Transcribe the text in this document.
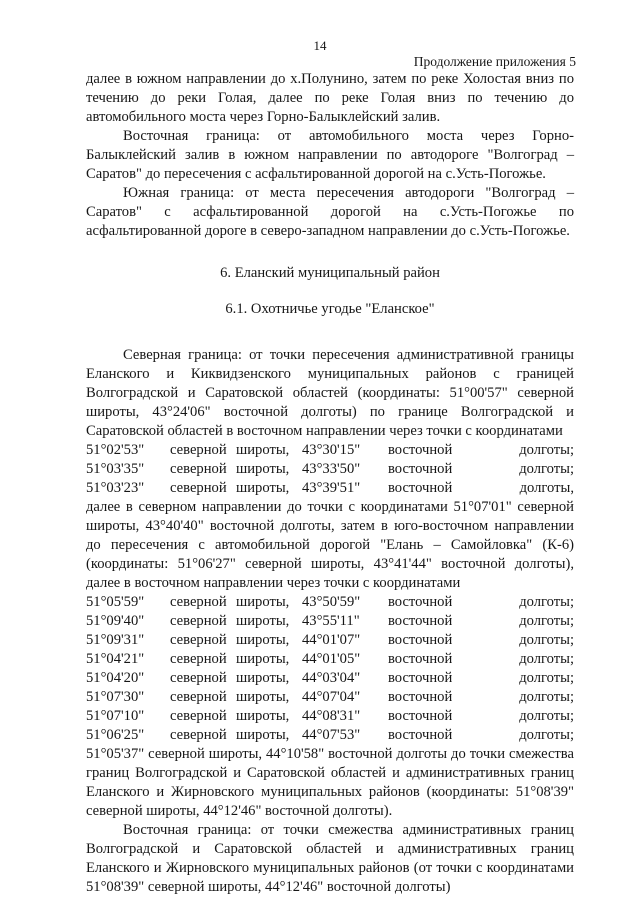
14
Продолжение приложения 5

далее в южном направлении до х.Полунино, затем по реке Холостая вниз по течению до реки Голая, далее по реке Голая вниз по течению до автомобильного моста через Горно-Балыклейский залив.

Восточная граница: от автомобильного моста через Горно-Балыклейский залив в южном направлении по автодороге "Волгоград – Саратов" до пересечения с асфальтированной дорогой на с.Усть-Погожье.

Южная граница: от места пересечения автодороги "Волгоград – Саратов" с асфальтированной дорогой на с.Усть-Погожье по асфальтированной дороге в северо-западном направлении до с.Усть-Погожье.

6. Еланский муниципальный район

6.1. Охотничье угодье "Еланское"

Северная граница: от точки пересечения административной границы Еланского и Киквидзенского муниципальных районов с границей Волгоградской и Саратовской областей (координаты: 51°00'57" северной широты, 43°24'06" восточной долготы) по границе Волгоградской и Саратовской областей в восточном направлении через точки с координатами

51°02'53"	северной широты, 43°30'15"	восточной	долготы;
51°03'35"	северной широты, 43°33'50"	восточной	долготы;
51°03'23"	северной широты, 43°39'51"	восточной	долготы,

далее в северном направлении до точки с координатами 51°07'01" северной широты, 43°40'40" восточной долготы, затем в юго-восточном направлении до пересечения с автомобильной дорогой "Елань – Самойловка" (К-6) (координаты: 51°06'27" северной широты, 43°41'44" восточной долготы), далее в восточном направлении через точки с координатами

51°05'59"	северной широты, 43°50'59"	восточной	долготы;
51°09'40"	северной широты, 43°55'11"	восточной	долготы;
51°09'31"	северной широты, 44°01'07"	восточной	долготы;
51°04'21"	северной широты, 44°01'05"	восточной	долготы;
51°04'20"	северной широты, 44°03'04"	восточной	долготы;
51°07'30"	северной широты, 44°07'04"	восточной	долготы;
51°07'10"	северной широты, 44°08'31"	восточной	долготы;
51°06'25"	северной широты, 44°07'53"	восточной	долготы;

51°05'37" северной широты, 44°10'58" восточной долготы до точки смежества границ Волгоградской и Саратовской областей и административных границ Еланского и Жирновского муниципальных районов (координаты: 51°08'39" северной широты, 44°12'46" восточной долготы).

Восточная граница: от точки смежества административных границ Волгоградской и Саратовской областей и административных границ Еланского и Жирновского муниципальных районов (от точки с координатами 51°08'39" северной широты, 44°12'46" восточной долготы)
